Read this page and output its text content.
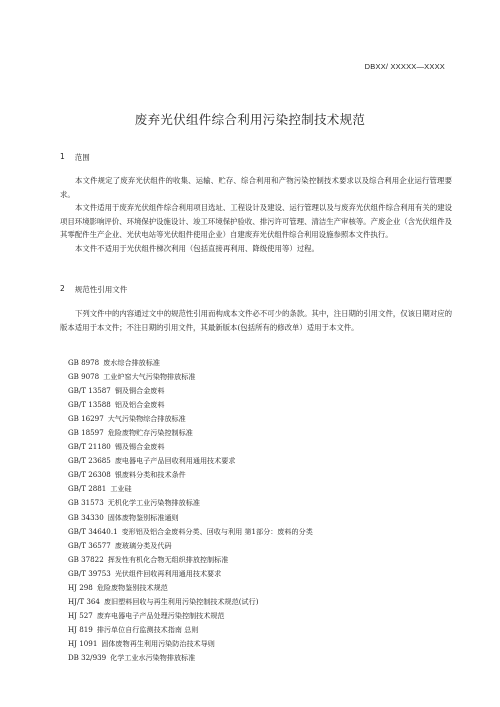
DBXX/ XXXXX—XXXX
废弃光伏组件综合利用污染控制技术规范
1 范围

本文件规定了废弃光伏组件的收集、运输、贮存、综合利用和产物污染控制技术要求以及综合利用企业运行管理要求。

本文件适用于废弃光伏组件综合利用项目选址、工程设计及建设、运行管理以及与废弃光伏组件综合利用有关的建设项目环境影响评价、环境保护设施设计、竣工环境保护验收、排污许可管理、清洁生产审核等。产废企业（含光伏组件及其零配件生产企业、光伏电站等光伏组件使用企业）自建废弃光伏组件综合利用设施参照本文件执行。

本文件不适用于光伏组件梯次利用（包括直接再利用、降级使用等）过程。

2 规范性引用文件

下列文件中的内容通过文中的规范性引用而构成本文件必不可少的条款。其中，注日期的引用文件，仅该日期对应的版本适用于本文件；不注日期的引用文件，其最新版本(包括所有的修改单）适用于本文件。

GB 8978 废水综合排放标准
GB 9078 工业炉窑大气污染物排放标准
GB/T 13587 铜及铜合金废料
GB/T 13588 铝及铝合金废料
GB 16297 大气污染物综合排放标准
GB 18597 危险废物贮存污染控制标准
GB/T 21180 锡及锡合金废料
GB/T 23685 废电器电子产品回收利用通用技术要求
GB/T 26308 银废料分类和技术条件
GB/T 2881 工业硅
GB 31573 无机化学工业污染物排放标准
GB 34330 固体废物鉴别标准通则
GB/T 34640.1 变形铝及铝合金废料分类、回收与利用 第1部分：废料的分类
GB/T 36577 废玻璃分类及代码
GB 37822 挥发性有机化合物无组织排放控制标准
GB/T 39753 光伏组件回收再利用通用技术要求
HJ 298 危险废物鉴别技术规范
HJ/T 364 废旧塑料回收与再生利用污染控制技术规范(试行)
HJ 527 废弃电器电子产品处理污染控制技术规范
HJ 819 排污单位自行监测技术指南 总则
HJ 1091 固体废物再生利用污染防治技术导则
DB 32/939 化学工业水污染物排放标准
